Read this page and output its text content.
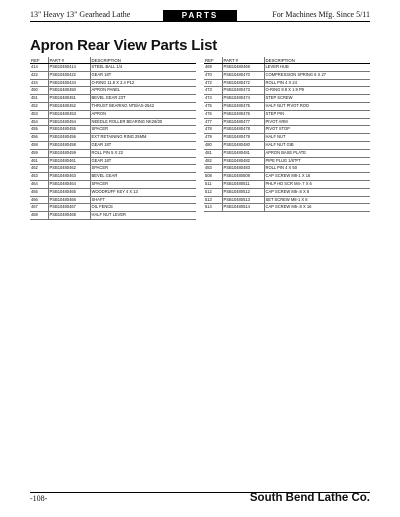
13" Heavy 13" Gearhead Lathe	PARTS	For Machines Mfg. Since 5/11
Apron Rear View Parts List
REF	PART #	DESCRIPTION
414	PSB10480414	STEEL BALL 1/4
422	PSB10480422	GEAR 18T
434	PSB10480434	O-RING 11.8 X 2.4 P12
450	PSB10480450	APRON PANEL
451	PSB10480451	BEVEL GEAR 23T
452	PSB10480452	THRUST BEARING NTB/AS-2542
453	PSB10480453	APRON
454	PSB10480454	NEEDLE ROLLER BEARING NK29/30
455	PSB10480455	SPACER
456	PSB10480456	EXT RETAINING RING 25MM
458	PSB10480458	GEAR 18T
459	PSB10480459	ROLL PIN 5 X 22
461	PSB10480461	GEAR 18T
462	PSB10480462	SPACER
463	PSB10480463	BEVEL GEAR
464	PSB10480464	SPACER
465	PSB10480465	WOODRUFF KEY 4 X 13
466	PSB10480466	SHAFT
467	PSB10480467	OIL FENCE
468	PSB10480468	HALF NUT LEVER
REF	PART #	DESCRIPTION
469	PSB10480469	LEVER HUB
470	PSB10480470	COMPRESSION SPRING 6 X 27
472	PSB10480472	ROLL PIN 4 X 24
473	PSB10480473	O-RING 8.8 X 1.9 P9
474	PSB10480474	STEP SCREW
475	PSB10480475	HALF NUT PIVOT ROD
476	PSB10480476	STEP PIN
477	PSB10480477	PIVOT ARM
478	PSB10480478	PIVOT STOP
479	PSB10480479	HALF NUT
480	PSB10480480	HALF NUT GIB
481	PSB10480481	APRON BASE PLATE
482	PSB10480482	PIPE PLUG 1/8"PT
483	PSB10480483	ROLL PIN 4 X 50
508	PSB10480508	CAP SCREW M8-1 X 16
511	PSB10480511	PHLP HD SCR M4-.7 X 6
512	PSB10480512	CAP SCREW M5-.8 X 8
513	PSB10480513	SET SCREW M8-1 X 8
514	PSB10480514	CAP SCREW M5-.8 X 16
-108-	South Bend Lathe Co.
